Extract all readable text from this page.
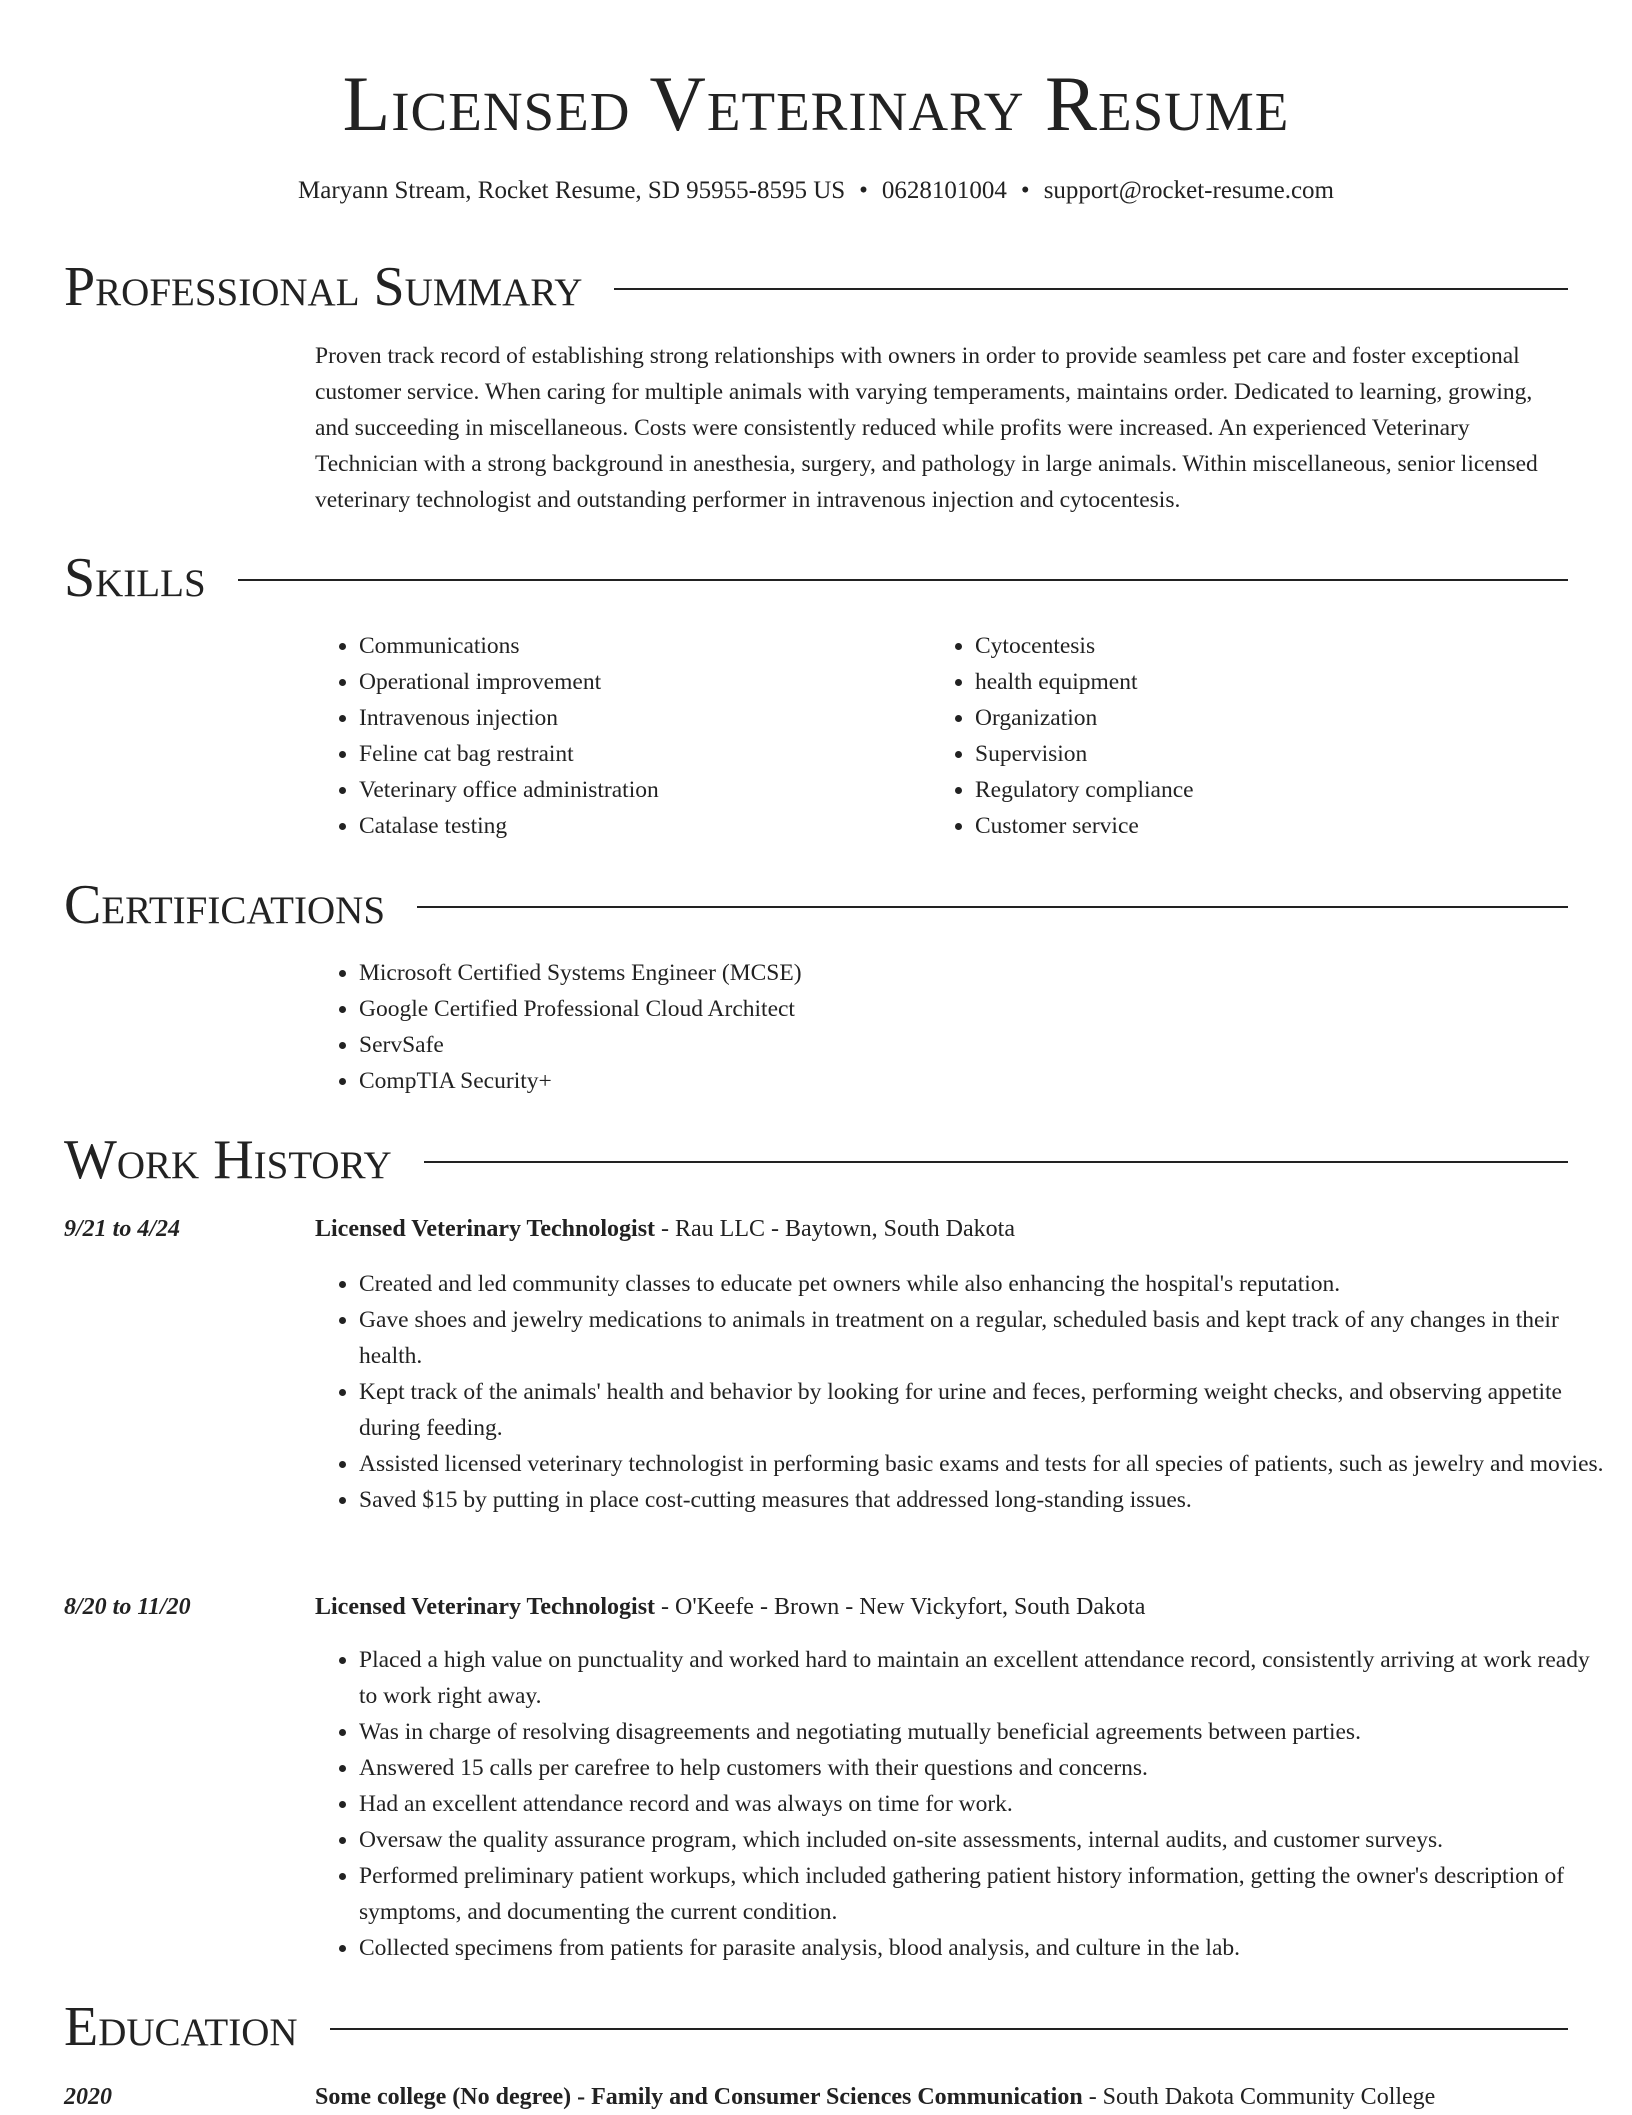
Licensed Veterinary Resume
Maryann Stream, Rocket Resume, SD 95955-8595 US • 0628101004 • support@rocket-resume.com
Professional Summary

Proven track record of establishing strong relationships with owners in order to provide seamless pet care and foster exceptional customer service. When caring for multiple animals with varying temperaments, maintains order. Dedicated to learning, growing, and succeeding in miscellaneous. Costs were consistently reduced while profits were increased. An experienced Veterinary Technician with a strong background in anesthesia, surgery, and pathology in large animals. Within miscellaneous, senior licensed veterinary technologist and outstanding performer in intravenous injection and cytocentesis.

Skills
• Communications
• Operational improvement
• Intravenous injection
• Feline cat bag restraint
• Veterinary office administration
• Catalase testing
• Cytocentesis
• health equipment
• Organization
• Supervision
• Regulatory compliance
• Customer service
Certifications
• Microsoft Certified Systems Engineer (MCSE)
• Google Certified Professional Cloud Architect
• ServSafe
• CompTIA Security+
Work History
9/21 to 4/24	Licensed Veterinary Technologist - Rau LLC - Baytown, South Dakota
• Created and led community classes to educate pet owners while also enhancing the hospital's reputation.
• Gave shoes and jewelry medications to animals in treatment on a regular, scheduled basis and kept track of any changes in their health.
• Kept track of the animals' health and behavior by looking for urine and feces, performing weight checks, and observing appetite during feeding.
• Assisted licensed veterinary technologist in performing basic exams and tests for all species of patients, such as jewelry and movies.
• Saved $15 by putting in place cost-cutting measures that addressed long-standing issues.
8/20 to 11/20	Licensed Veterinary Technologist - O'Keefe - Brown - New Vickyfort, South Dakota
• Placed a high value on punctuality and worked hard to maintain an excellent attendance record, consistently arriving at work ready to work right away.
• Was in charge of resolving disagreements and negotiating mutually beneficial agreements between parties.
• Answered 15 calls per carefree to help customers with their questions and concerns.
• Had an excellent attendance record and was always on time for work.
• Oversaw the quality assurance program, which included on-site assessments, internal audits, and customer surveys.
• Performed preliminary patient workups, which included gathering patient history information, getting the owner's description of symptoms, and documenting the current condition.
• Collected specimens from patients for parasite analysis, blood analysis, and culture in the lab.
Education
2020	Some college (No degree) - Family and Consumer Sciences Communication - South Dakota Community College
